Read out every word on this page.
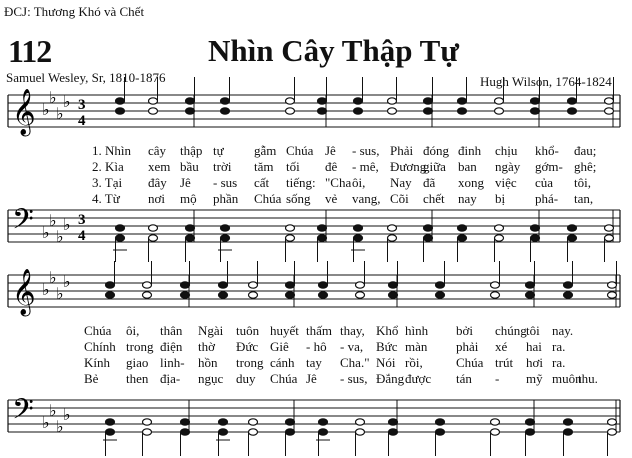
ĐCJ: Thương Khó và Chết
112	Nhìn Cây Thập Tự
Samuel Wesley, Sr, 1810-1876	Hugh Wilson, 1764-1824
𝄞 ♭
♭
♭
♭ 3
4
𝄢 ♭
♭
♭
♭ 3
4
𝄞 ♭
♭
♭
♭
𝄢 ♭
♭
♭
♭
1. Nhìn cây thập tự gẫm Chúa Jê - sus, Phải đóng đinh chịu khổ- đau;
2. Kìa xem bầu trời tăm tối đê - mê, Đương
giữa ban ngày gớm- ghê;
3. Tại đây Jê - sus cất tiếng: "Cha ôi, Nay đã xong việc của tôi,
4. Từ nơi mộ phần Chúa sống vẻ vang, Cõi chết nay bị phá- tan,
Chúa ôi, thân Ngài tuôn huyết thấm thay, Khổ hình bởi chúng tôi nay.
Chính trong điện thờ Đức Giê - hô - va, Bức màn phải xé hai ra.
Kính giao linh- hồn trong cánh tay Cha." Nói rồi,	Chúa trút hơi ra.
Bẻ then địa- ngục duy Chúa Jê - sus, Đắng được tán - mỹ muôn
thu.
